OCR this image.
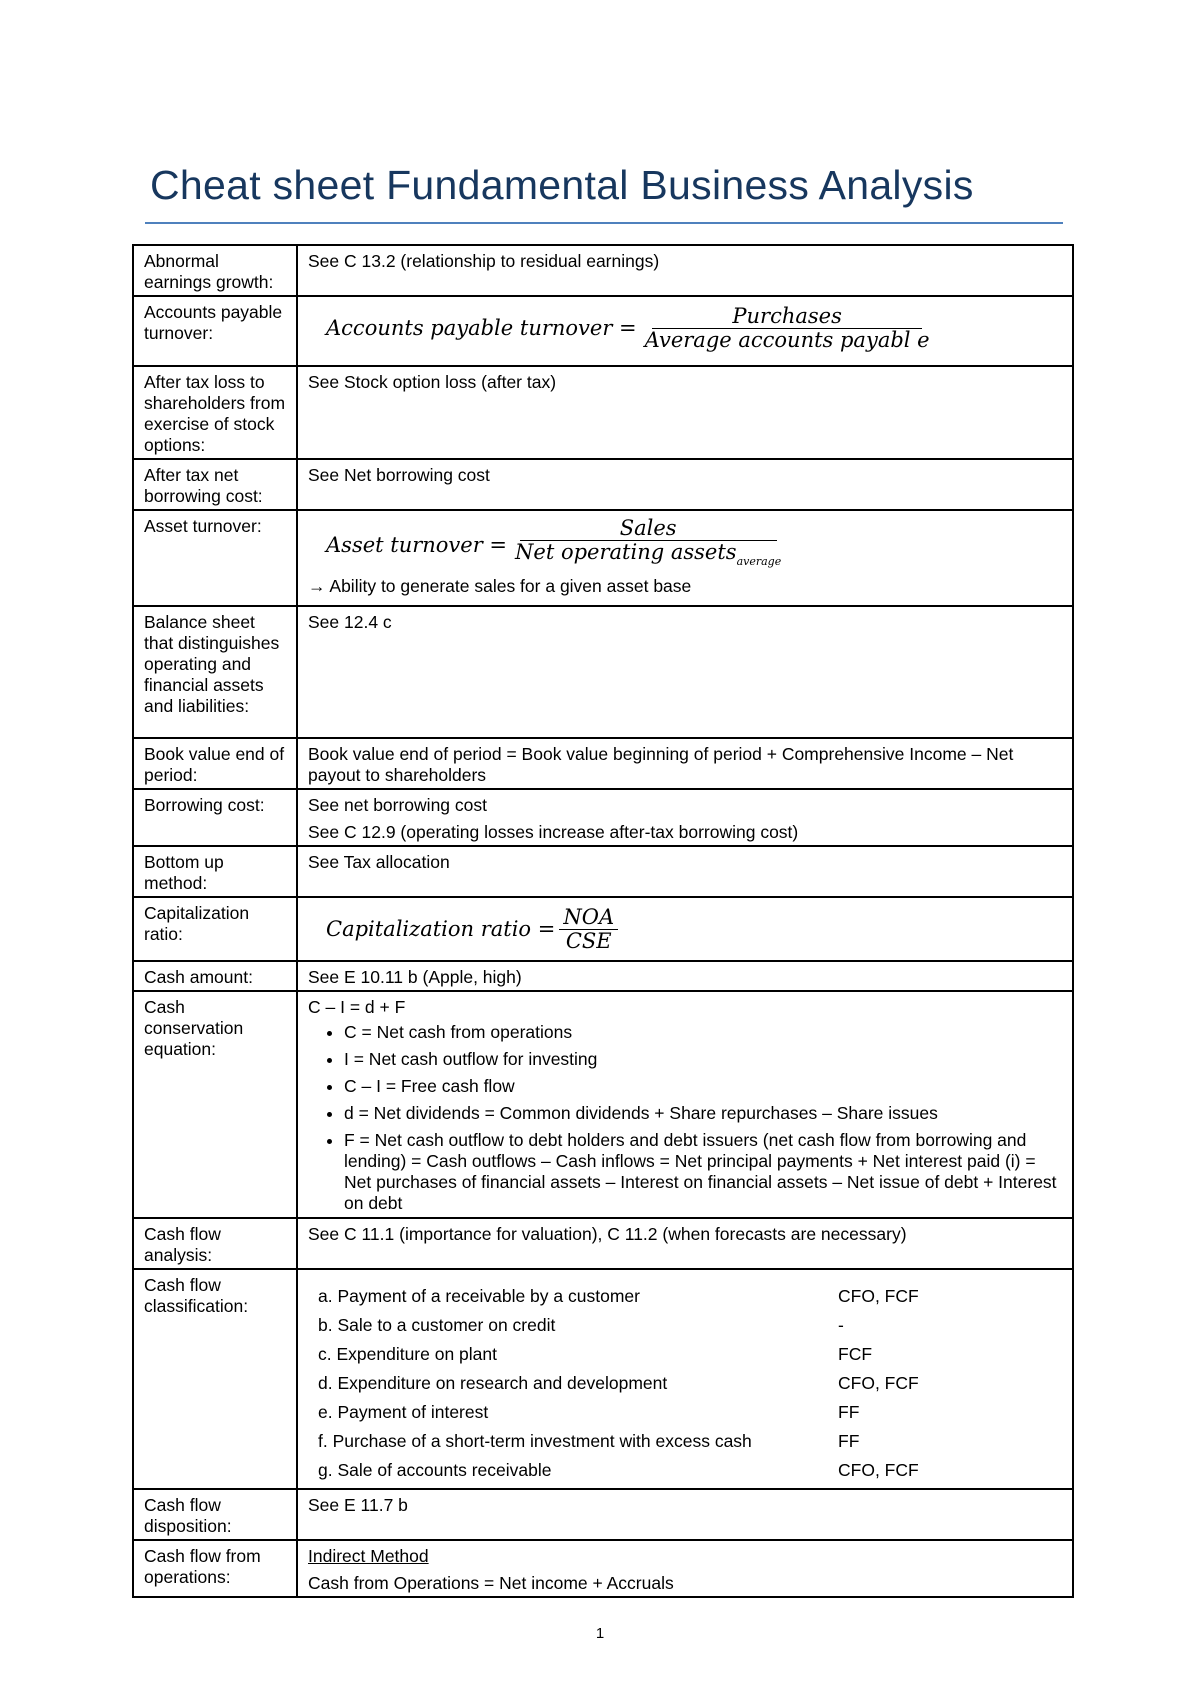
Cheat sheet Fundamental Business Analysis
Abnormal earnings growth:	See C 13.2 (relationship to residual earnings)
Accounts payable turnover:	Accounts payable turnover = $\frac{\text{Purchases}}{\text{Average accounts payabl e}}$

After tax loss to shareholders from exercise of stock options:	See Stock option loss (after tax)
After tax net borrowing cost:	See Net borrowing cost
Asset turnover:	
Asset turnover = $\frac{\text{Sales}}{Net operating assets_{average}}$
→ Ability to generate sales for a given asset base

Balance sheet that distinguishes operating and financial assets and liabilities:	See 12.4 c
Book value end of period:	Book value end of period = Book value beginning of period + Comprehensive Income – Net payout to shareholders
Borrowing cost:	See net borrowing cost
See C 12.9 (operating losses increase after-tax borrowing cost)

Bottom up method:	See Tax allocation
Capitalization ratio:	Capitalization ratio = $\frac{\text{NOA}}{\text{CSE}}$

Cash amount:	See E 10.11 b (Apple, high)
Cash conservation equation:	
C – I = d + F
• C = Net cash from operations
• I = Net cash outflow for investing
• C – I = Free cash flow
• d = Net dividends = Common dividends + Share repurchases – Share issues
• F = Net cash outflow to debt holders and debt issuers (net cash flow from borrowing and lending) = Cash outflows – Cash inflows = Net principal payments + Net interest paid (i) = Net purchases of financial assets – Interest on financial assets – Net issue of debt + Interest on debt

Cash flow analysis:	See C 11.1 (importance for valuation), C 11.2 (when forecasts are necessary)
Cash flow classification:		a. Payment of a receivable by a customer	CFO, FCF
b. Sale to a customer on credit	-
c. Expenditure on plant	FCF
d. Expenditure on research and development	CFO, FCF
e. Payment of interest	FF
f. Purchase of a short-term investment with excess cash	FF
g. Sale of accounts receivable	CFO, FCF

Cash flow disposition:	See E 11.7 b
Cash flow from operations:	
Indirect Method
Cash from Operations = Net income + Accruals
1
